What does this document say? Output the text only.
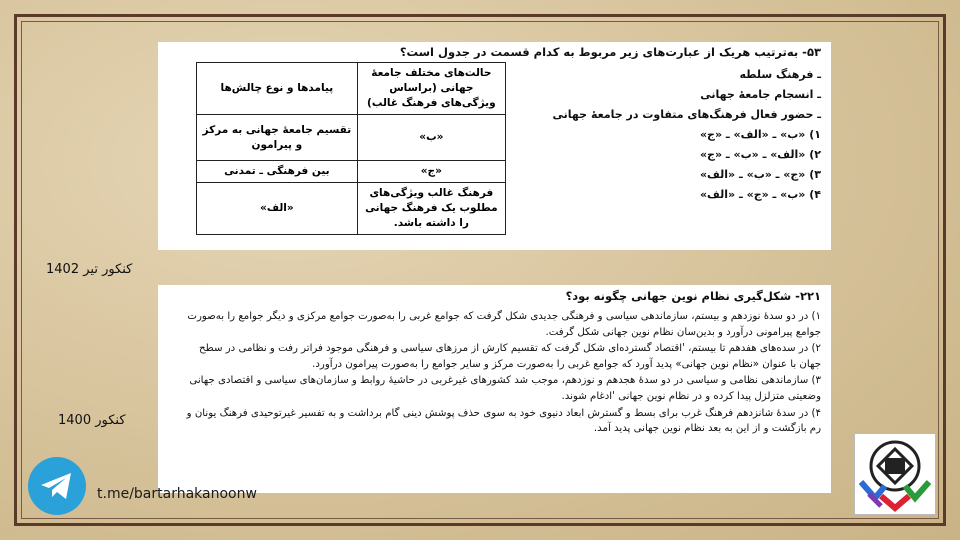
۵۳- به‌ترتیب هریک از عبارت‌های زیر مربوط به کدام قسمت در جدول است؟
ـ فرهنگ سلطه
ـ انسجام جامعهٔ جهانی
ـ حضور فعال فرهنگ‌های متفاوت در جامعهٔ جهانی
۱) «ب» ـ «الف» ـ «ج»
۲) «الف» ـ «ب» ـ «ج»
۳) «ج» ـ «ب» ـ «الف»
۴) «ب» ـ «ج» ـ «الف»
حالت‌های مختلف جامعهٔ جهانی (براساس ویژگی‌های فرهنگ غالب)	پیامدها و نوع چالش‌ها
«ب»	تقسیم جامعهٔ جهانی به مرکز و پیرامون
«ج»	بین فرهنگی ـ تمدنی
فرهنگ غالب ویژگی‌های مطلوب یک فرهنگ جهانی را داشته باشد.	«الف»
کنکور تیر 1402
۲۲۱- شکل‌گیری نظام نوین جهانی چگونه بود؟

۱) در دو سدهٔ نوزدهم و بیستم، سازماندهی سیاسی و فرهنگی جدیدی شکل گرفت که جوامع غربی را به‌صورت جوامع مرکزی و دیگر جوامع را به‌صورت جوامع پیرامونی درآورد و بدین‌سان نظام نوین جهانی شکل گرفت.

۲) در سده‌های هفدهم تا بیستم، 'اقتصاد گسترده‌ای شکل گرفت که تقسیم کارش از مرزهای سیاسی و فرهنگی موجود فراتر رفت و نظامی در سطح جهان با عنوان «نظام نوین جهانی» پدید آورد که جوامع غربی را به‌صورت مرکز و سایر جوامع را به‌صورت پیرامون درآورد.

۳) سازماندهی نظامی و سیاسی در دو سدهٔ هجدهم و نوزدهم، موجب شد کشورهای غیرغربی در حاشیهٔ روابط و سازمان‌های سیاسی و اقتصادی جهانی وضعیتی متزلزل پیدا کرده و در نظام نوین جهانی 'ادغام شوند.

۴) در سدهٔ شانزدهم فرهنگ غرب برای بسط و گسترش ابعاد دنیوی خود به سوی حذف پوشش دینی گام برداشت و به تفسیر غیرتوحیدی فرهنگ یونان و رم بازگشت و از این به بعد نظام نوین جهانی پدید آمد.

کنکور 1400
t.me/bartarhakanoonw
